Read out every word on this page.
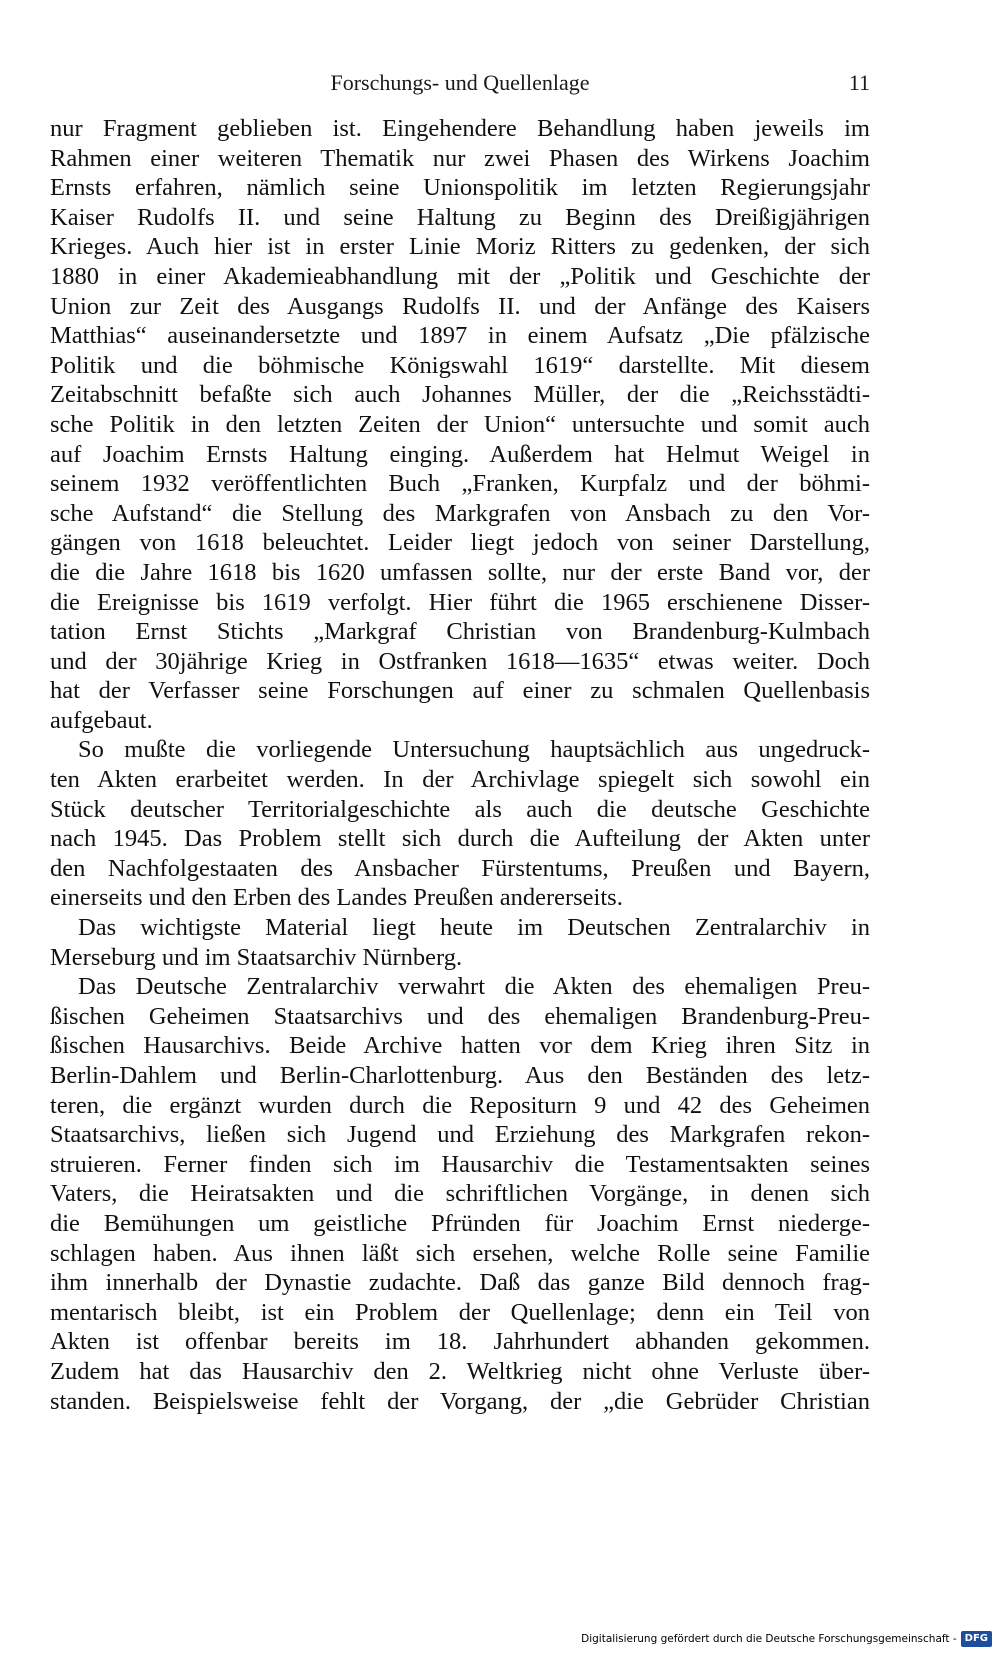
Forschungs- und Quellenlage	11
nur Fragment geblieben ist. Eingehendere Behandlung haben jeweils im
Rahmen einer weiteren Thematik nur zwei Phasen des Wirkens Joachim
Ernsts erfahren, nämlich seine Unionspolitik im letzten Regierungsjahr
Kaiser Rudolfs II. und seine Haltung zu Beginn des Dreißigjährigen
Krieges. Auch hier ist in erster Linie Moriz Ritters zu gedenken, der sich
1880 in einer Akademieabhandlung mit der „Politik und Geschichte der
Union zur Zeit des Ausgangs Rudolfs II. und der Anfänge des Kaisers
Matthias“ auseinandersetzte und 1897 in einem Aufsatz „Die pfälzische
Politik und die böhmische Königswahl 1619“ darstellte. Mit diesem
Zeitabschnitt befaßte sich auch Johannes Müller, der die „Reichsstädti-
sche Politik in den letzten Zeiten der Union“ untersuchte und somit auch
auf Joachim Ernsts Haltung einging. Außerdem hat Helmut Weigel in
seinem 1932 veröffentlichten Buch „Franken, Kurpfalz und der böhmi-
sche Aufstand“ die Stellung des Markgrafen von Ansbach zu den Vor-
gängen von 1618 beleuchtet. Leider liegt jedoch von seiner Darstellung,
die die Jahre 1618 bis 1620 umfassen sollte, nur der erste Band vor, der
die Ereignisse bis 1619 verfolgt. Hier führt die 1965 erschienene Disser-
tation Ernst Stichts „Markgraf Christian von Brandenburg-Kulmbach
und der 30jährige Krieg in Ostfranken 1618—1635“ etwas weiter. Doch
hat der Verfasser seine Forschungen auf einer zu schmalen Quellenbasis
aufgebaut.
So mußte die vorliegende Untersuchung hauptsächlich aus ungedruck-
ten Akten erarbeitet werden. In der Archivlage spiegelt sich sowohl ein
Stück deutscher Territorialgeschichte als auch die deutsche Geschichte
nach 1945. Das Problem stellt sich durch die Aufteilung der Akten unter
den Nachfolgestaaten des Ansbacher Fürstentums, Preußen und Bayern,
einerseits und den Erben des Landes Preußen andererseits.
Das wichtigste Material liegt heute im Deutschen Zentralarchiv in
Merseburg und im Staatsarchiv Nürnberg.
Das Deutsche Zentralarchiv verwahrt die Akten des ehemaligen Preu-
ßischen Geheimen Staatsarchivs und des ehemaligen Brandenburg-Preu-
ßischen Hausarchivs. Beide Archive hatten vor dem Krieg ihren Sitz in
Berlin-Dahlem und Berlin-Charlottenburg. Aus den Beständen des letz-
teren, die ergänzt wurden durch die Repositurn 9 und 42 des Geheimen
Staatsarchivs, ließen sich Jugend und Erziehung des Markgrafen rekon-
struieren. Ferner finden sich im Hausarchiv die Testamentsakten seines
Vaters, die Heiratsakten und die schriftlichen Vorgänge, in denen sich
die Bemühungen um geistliche Pfründen für Joachim Ernst niederge-
schlagen haben. Aus ihnen läßt sich ersehen, welche Rolle seine Familie
ihm innerhalb der Dynastie zudachte. Daß das ganze Bild dennoch frag-
mentarisch bleibt, ist ein Problem der Quellenlage; denn ein Teil von
Akten ist offenbar bereits im 18. Jahrhundert abhanden gekommen.
Zudem hat das Hausarchiv den 2. Weltkrieg nicht ohne Verluste über-
standen. Beispielsweise fehlt der Vorgang, der „die Gebrüder Christian
Digitalisierung gefördert durch die Deutsche Forschungsgemeinschaft - DFG
